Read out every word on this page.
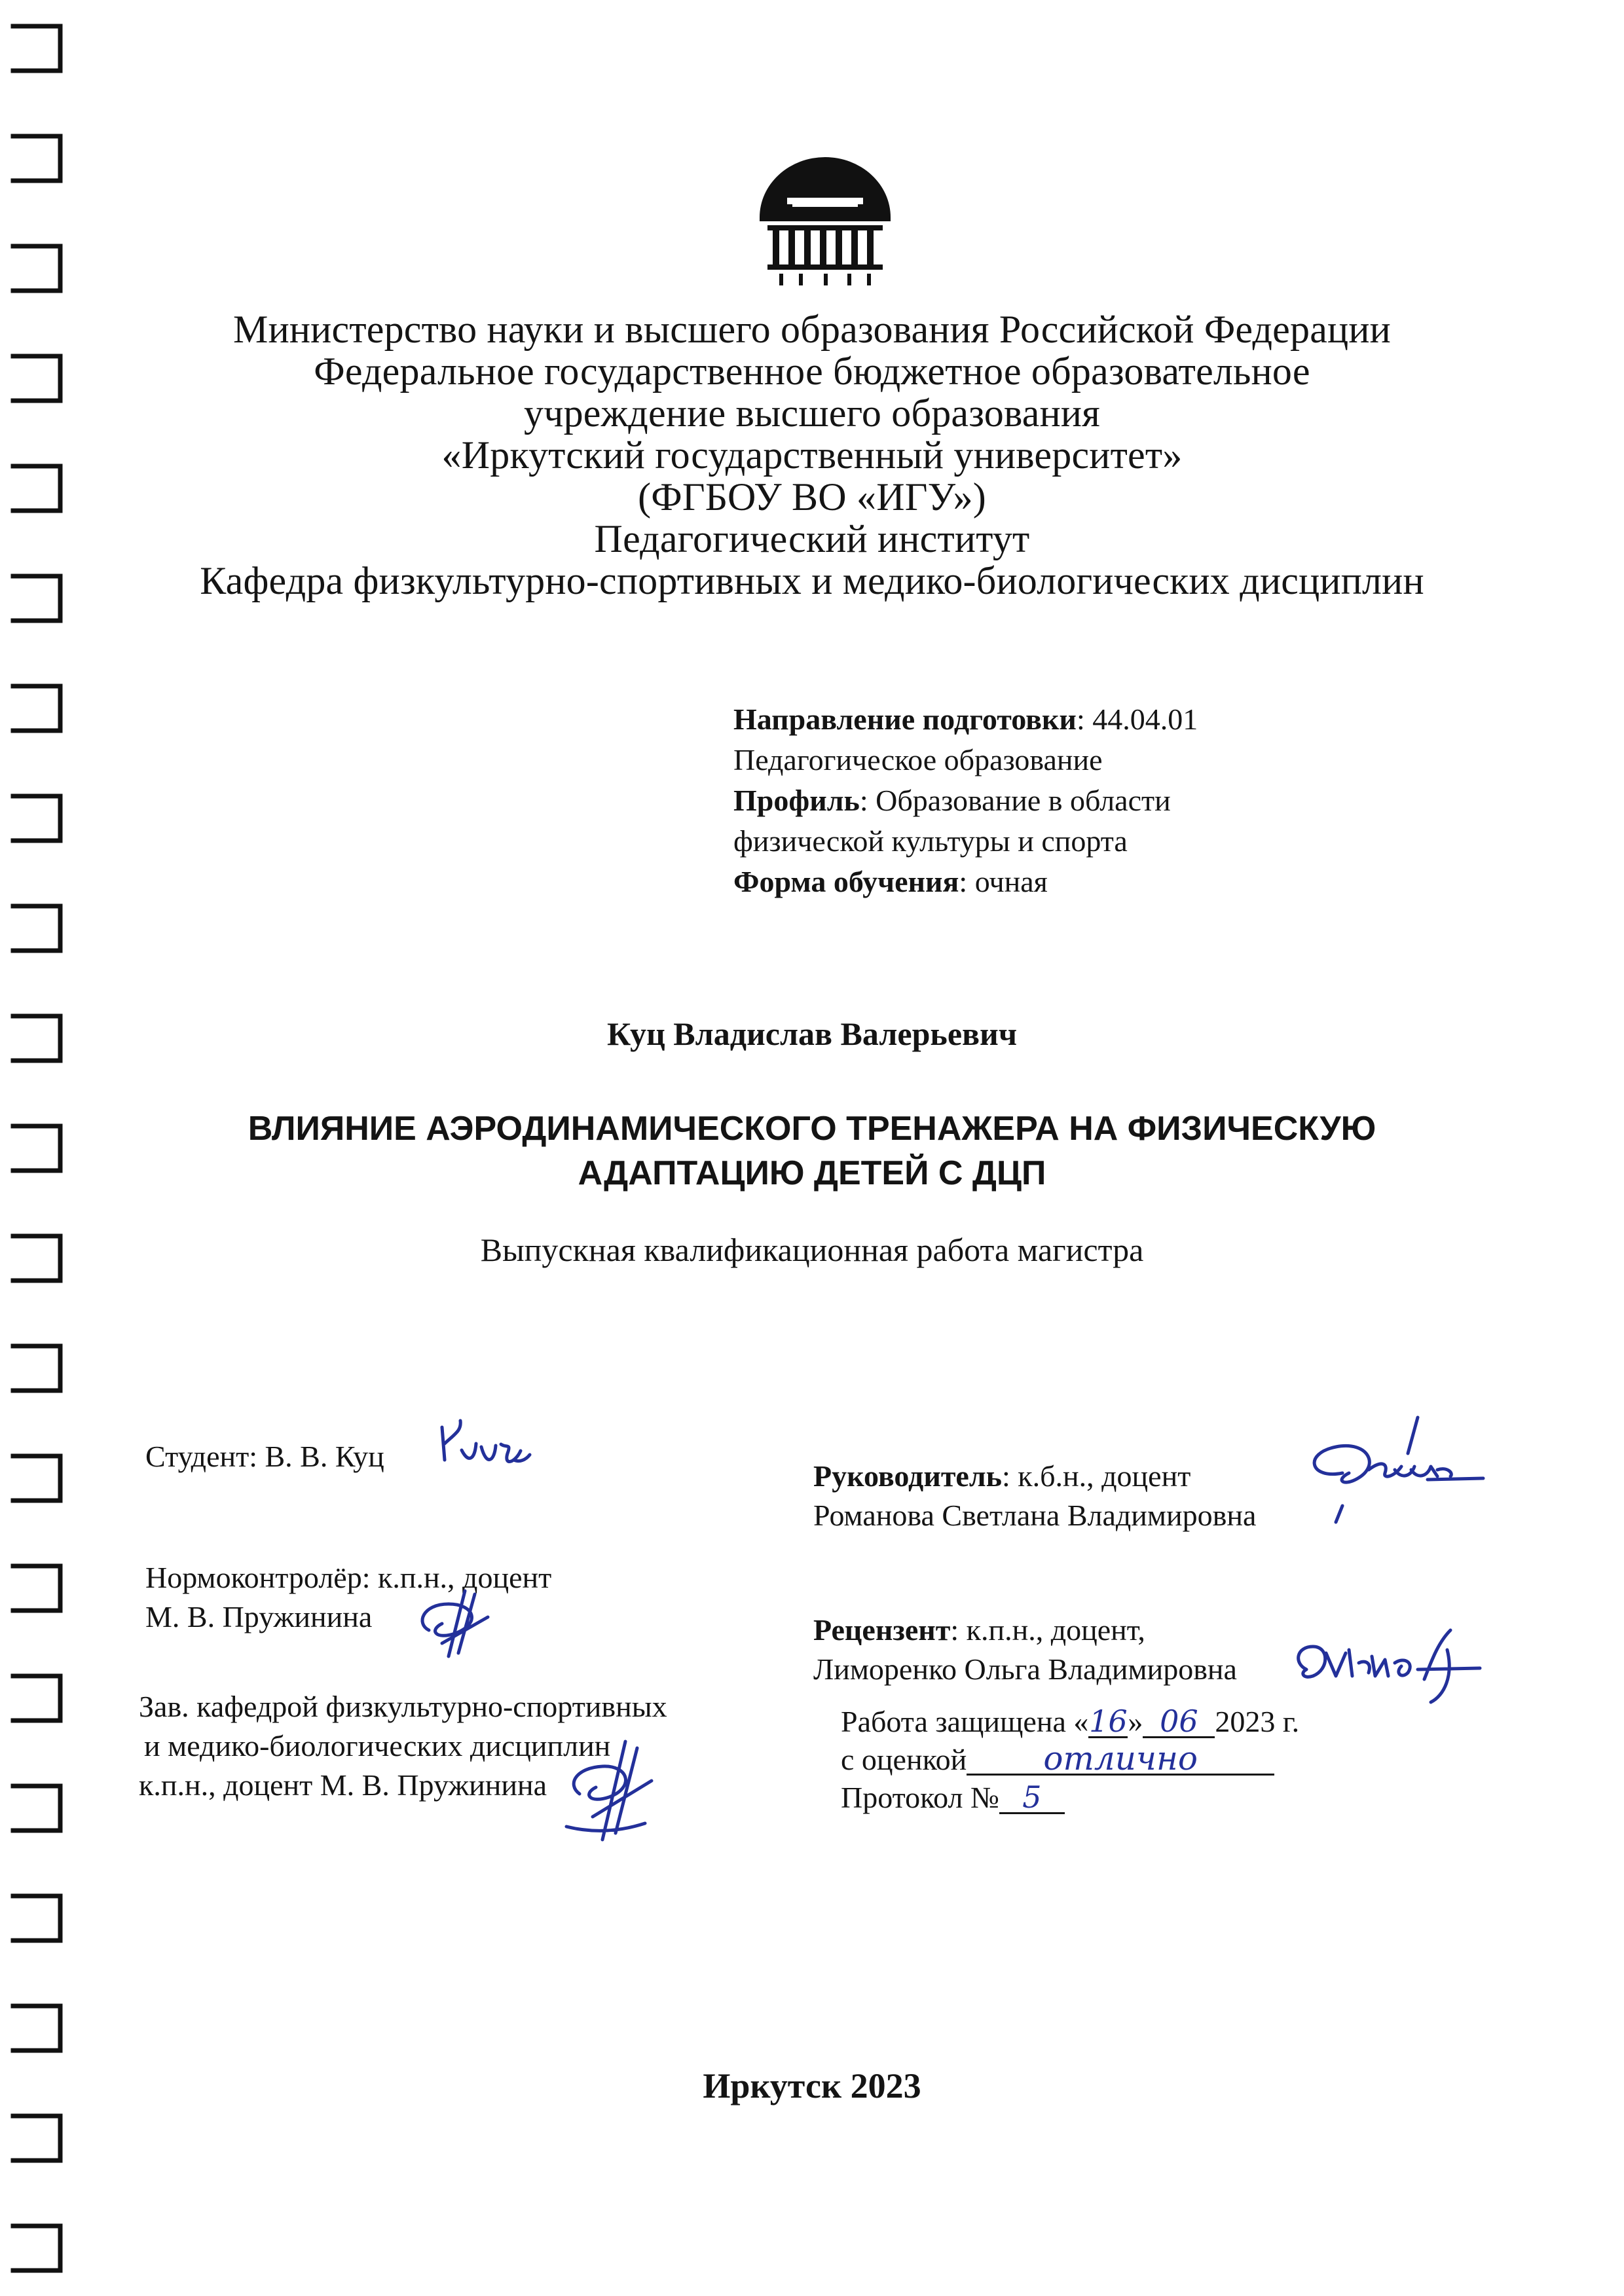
Министерство науки и высшего образования Российской Федерации
Федеральное государственное бюджетное образовательное
учреждение высшего образования
«Иркутский государственный университет»
(ФГБОУ ВО «ИГУ»)
Педагогический институт
Кафедра физкультурно-спортивных и медико-биологических дисциплин
Направление подготовки: 44.04.01
Педагогическое образование
Профиль: Образование в области
физической культуры и спорта
Форма обучения: очная
Куц Владислав Валерьевич
ВЛИЯНИЕ АЭРОДИНАМИЧЕСКОГО ТРЕНАЖЕРА НА ФИЗИЧЕСКУЮ
АДАПТАЦИЮ ДЕТЕЙ С ДЦП
Выпускная квалификационная работа магистра
Студент: В. В. Куц
Нормоконтролёр: к.п.н., доцент
М. В. Пружинина
Зав. кафедрой физкультурно-спортивных
и медико-биологических дисциплин
к.п.н., доцент М. В. Пружинина
Руководитель: к.б.н., доцент
Романова Светлана Владимировна
Рецензент: к.п.н., доцент,
Лиморенко Ольга Владимировна
Работа защищена «16» 06 2023 г.
с оценкой отлично
Протокол № 5
Иркутск 2023
